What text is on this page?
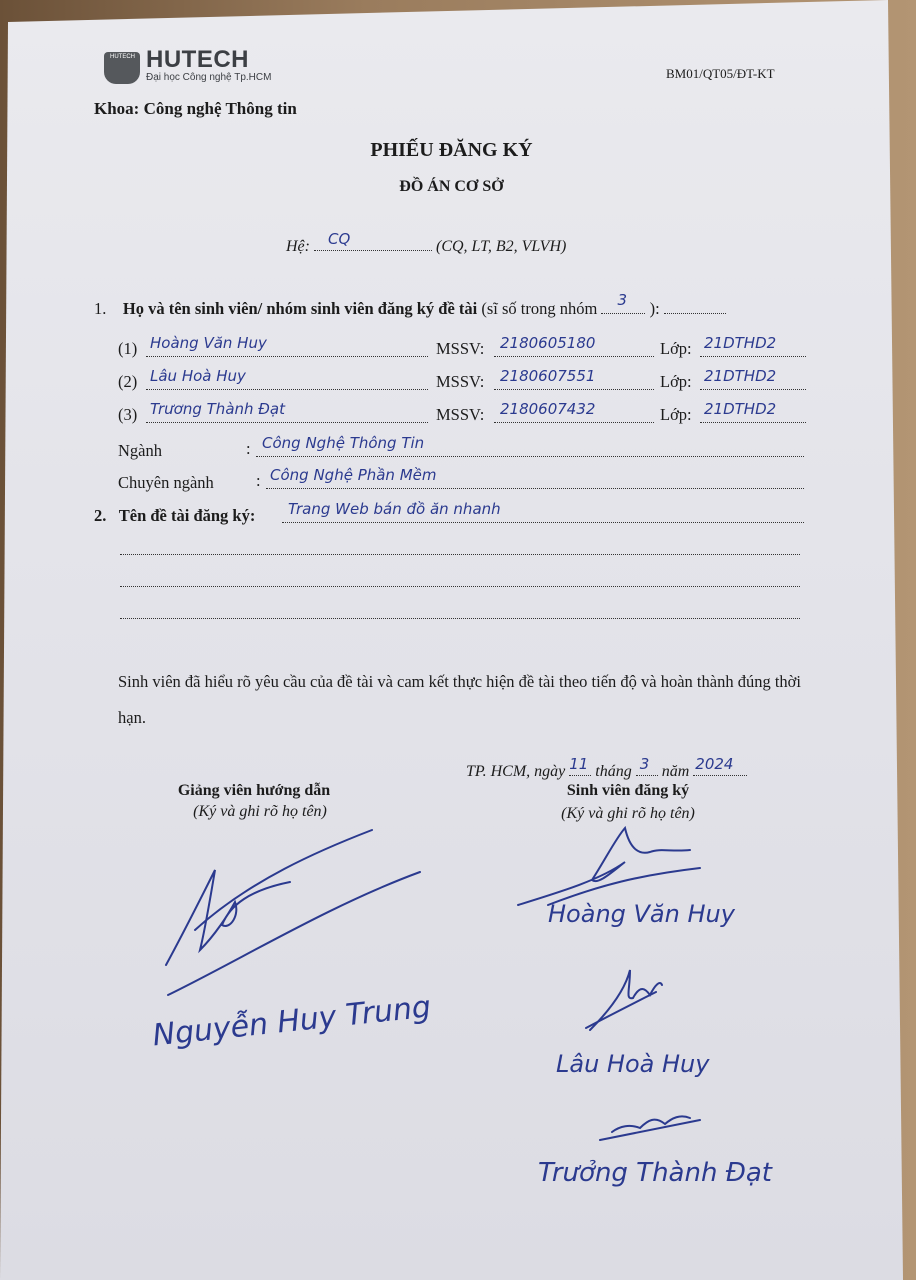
HUTECH HUTECH
Đại học Công nghệ Tp.HCM	BM01/QT05/ĐT-KT
Khoa: Công nghệ Thông tin
PHIẾU ĐĂNG KÝ
ĐỒ ÁN CƠ SỞ
Hệ: CQ	(CQ, LT, B2, VLVH)
1. Họ và tên sinh viên/ nhóm sinh viên đăng ký đề tài (sĩ số trong nhóm 3 ):
(1) Hoàng Văn Huy	MSSV: 2180605180	Lớp: 21DTHD2
(2) Lâu Hoà Huy	MSSV: 2180607551	Lớp: 21DTHD2
(3) Trương Thành Đạt	MSSV: 2180607432	Lớp: 21DTHD2
Ngành	: Công Nghệ Thông Tin
Chuyên ngành	: Công Nghệ Phần Mềm
2. Tên đề tài đăng ký: Trang Web bán đồ ăn nhanh
Sinh viên đã hiểu rõ yêu cầu của đề tài và cam kết thực hiện đề tài theo tiến độ và hoàn thành đúng thời hạn.
TP. HCM, ngày 11 tháng 3 năm 2024
Giảng viên hướng dẫn
(Ký và ghi rõ họ tên)
Sinh viên đăng ký
(Ký và ghi rõ họ tên)
Nguyễn Huy Trung
Hoàng Văn Huy
Lâu Hoà Huy
Trưởng Thành Đạt
